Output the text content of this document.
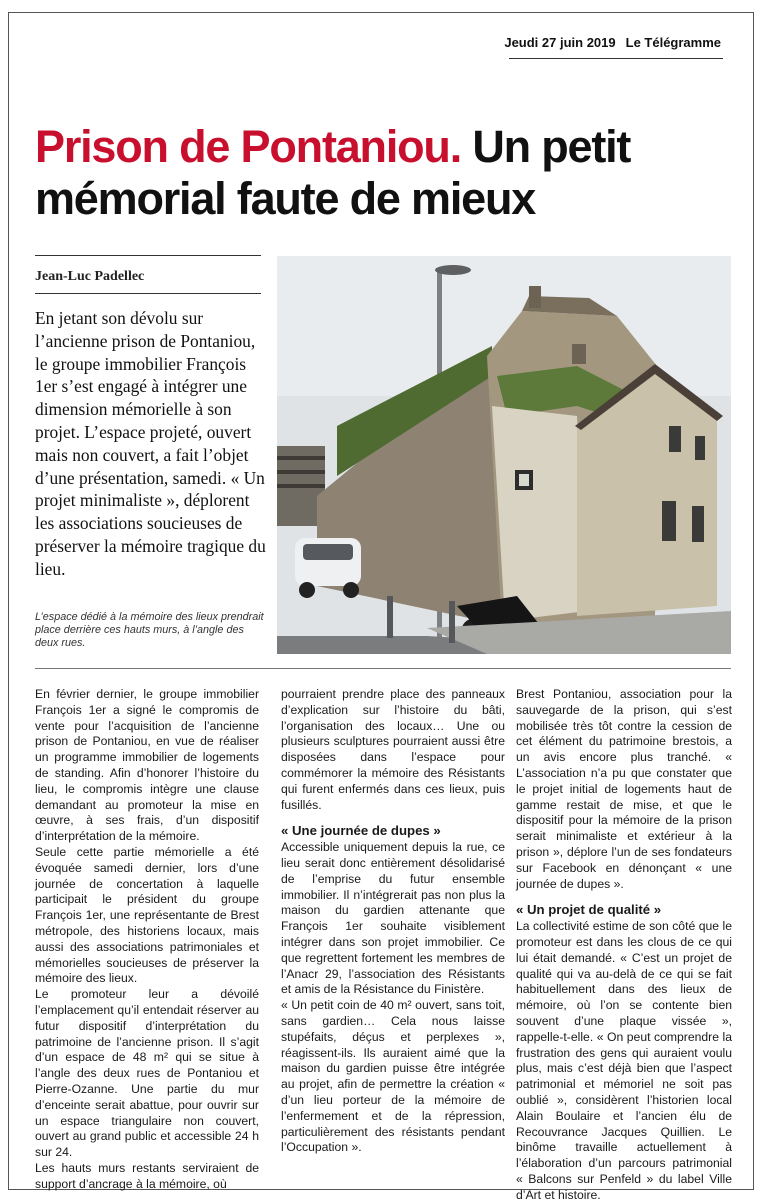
Jeudi 27 juin 2019 Le Télégramme
Prison de Pontaniou. Un petit mémorial faute de mieux
Jean-Luc Padellec
En jetant son dévolu sur l’ancienne prison de Pontaniou, le groupe immobilier François 1er s’est engagé à intégrer une dimension mémorielle à son projet. L’espace projeté, ouvert mais non couvert, a fait l’objet d’une présentation, samedi. « Un projet minimaliste », déplorent les associations soucieuses de préserver la mémoire tragique du lieu.
L’espace dédié à la mémoire des lieux prendrait place derrière ces hauts murs, à l’angle des deux rues.

En février dernier, le groupe immobilier François 1er a signé le compromis de vente pour l’acquisition de l’ancienne prison de Pontaniou, en vue de réaliser un programme immobilier de logements de standing. Afin d’honorer l’histoire du lieu, le compromis intègre une clause demandant au promoteur la mise en œuvre, à ses frais, d’un dispositif d’interprétation de la mémoire.

Seule cette partie mémorielle a été évoquée samedi dernier, lors d’une journée de concertation à laquelle participait le président du groupe François 1er, une représentante de Brest métropole, des historiens locaux, mais aussi des associations patrimoniales et mémorielles soucieuses de préserver la mémoire des lieux.

Le promoteur leur a dévoilé l’emplacement qu’il entendait réserver au futur dispositif d’interprétation du patrimoine de l’ancienne prison. Il s’agit d’un espace de 48 m² qui se situe à l’angle des deux rues de Pontaniou et Pierre-Ozanne. Une partie du mur d’enceinte serait abattue, pour ouvrir sur un espace triangulaire non couvert, ouvert au grand public et accessible 24 h sur 24.

Les hauts murs restants serviraient de support d’ancrage à la mémoire, où

pourraient prendre place des panneaux d’explication sur l’histoire du bâti, l’organisation des locaux… Une ou plusieurs sculptures pourraient aussi être disposées dans l’espace pour commémorer la mémoire des Résistants qui furent enfermés dans ces lieux, puis fusillés.

« Une journée de dupes »

Accessible uniquement depuis la rue, ce lieu serait donc entièrement désolidarisé de l’emprise du futur ensemble immobilier. Il n’intégrerait pas non plus la maison du gardien attenante que François 1er souhaite visiblement intégrer dans son projet immobilier. Ce que regrettent fortement les membres de l’Anacr 29, l’association des Résistants et amis de la Résistance du Finistère.

« Un petit coin de 40 m² ouvert, sans toit, sans gardien… Cela nous laisse stupéfaits, déçus et perplexes », réagissent-ils. Ils auraient aimé que la maison du gardien puisse être intégrée au projet, afin de permettre la création « d’un lieu porteur de la mémoire de l’enfermement et de la répression, particulièrement des résistants pendant l’Occupation ».

Brest Pontaniou, association pour la sauvegarde de la prison, qui s’est mobilisée très tôt contre la cession de cet élément du patrimoine brestois, a un avis encore plus tranché. « L’association n’a pu que constater que le projet initial de logements haut de gamme restait de mise, et que le dispositif pour la mémoire de la prison serait minimaliste et extérieur à la prison », déplore l’un de ses fondateurs sur Facebook en dénonçant « une journée de dupes ».

« Un projet de qualité »

La collectivité estime de son côté que le promoteur est dans les clous de ce qui lui était demandé. « C’est un projet de qualité qui va au-delà de ce qui se fait habituellement dans des lieux de mémoire, où l’on se contente bien souvent d’une plaque vissée », rappelle-t-elle. « On peut comprendre la frustration des gens qui auraient voulu plus, mais c’est déjà bien que l’aspect patrimonial et mémoriel ne soit pas oublié », considèrent l’historien local Alain Boulaire et l’ancien élu de Recouvrance Jacques Quillien. Le binôme travaille actuellement à l’élaboration d’un parcours patrimonial « Balcons sur Penfeld » du label Ville d’Art et histoire.
